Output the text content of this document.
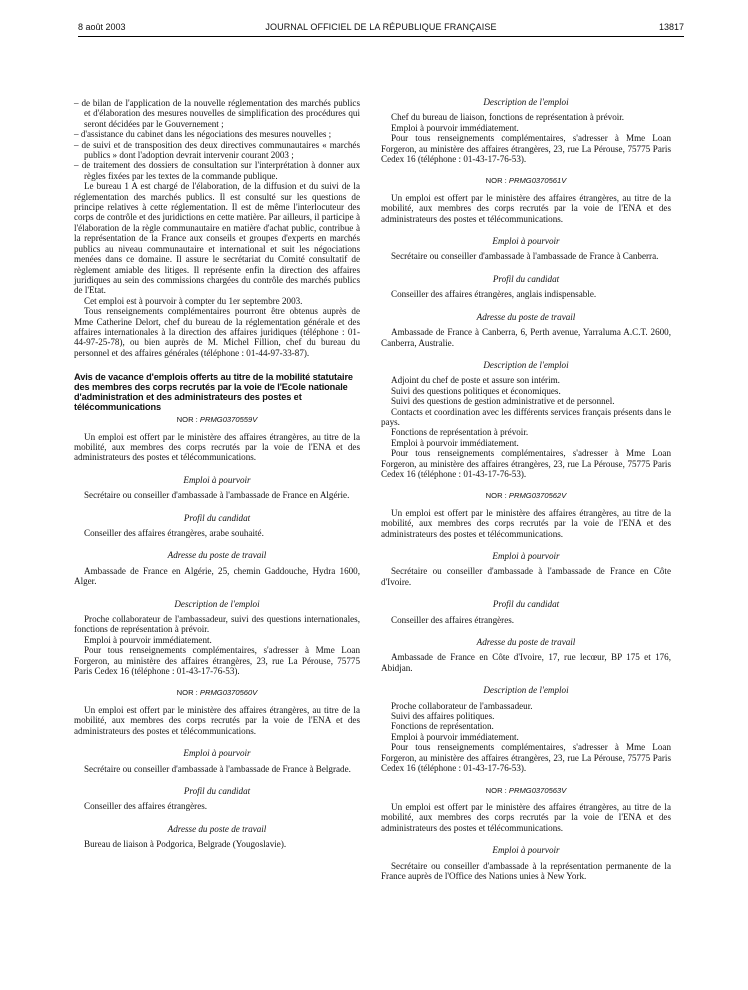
8 août 2003	JOURNAL OFFICIEL DE LA RÉPUBLIQUE FRANÇAISE	13817

– de bilan de l'application de la nouvelle réglementation des marchés publics et d'élaboration des mesures nouvelles de simplification des procédures qui seront décidées par le Gouvernement ;

– d'assistance du cabinet dans les négociations des mesures nouvelles ;

– de suivi et de transposition des deux directives communautaires « marchés publics » dont l'adoption devrait intervenir courant 2003 ;

– de traitement des dossiers de consultation sur l'interprétation à donner aux règles fixées par les textes de la commande publique.

Le bureau 1 A est chargé de l'élaboration, de la diffusion et du suivi de la réglementation des marchés publics. Il est consulté sur les questions de principe relatives à cette réglementation. Il est de même l'interlocuteur des corps de contrôle et des juridictions en cette matière. Par ailleurs, il participe à l'élaboration de la règle communautaire en matière d'achat public, contribue à la représentation de la France aux conseils et groupes d'experts en marchés publics au niveau communautaire et international et suit les négociations menées dans ce domaine. Il assure le secrétariat du Comité consultatif de règlement amiable des litiges. Il représente enfin la direction des affaires juridiques au sein des commissions chargées du contrôle des marchés publics de l'Etat.

Cet emploi est à pourvoir à compter du 1er septembre 2003.

Tous renseignements complémentaires pourront être obtenus auprès de Mme Catherine Delort, chef du bureau de la réglementation générale et des affaires internationales à la direction des affaires juridiques (téléphone : 01-44-97-25-78), ou bien auprès de M. Michel Fillion, chef du bureau du personnel et des affaires générales (téléphone : 01-44-97-33-87).

Avis de vacance d'emplois offerts au titre de la mobilité statutaire des membres des corps recrutés par la voie de l'Ecole nationale d'administration et des administrateurs des postes et télécommunications

NOR : PRMG0370559V

Un emploi est offert par le ministère des affaires étrangères, au titre de la mobilité, aux membres des corps recrutés par la voie de l'ENA et des administrateurs des postes et télécommunications.

Emploi à pourvoir

Secrétaire ou conseiller d'ambassade à l'ambassade de France en Algérie.

Profil du candidat

Conseiller des affaires étrangères, arabe souhaité.

Adresse du poste de travail

Ambassade de France en Algérie, 25, chemin Gaddouche, Hydra 1600, Alger.

Description de l'emploi

Proche collaborateur de l'ambassadeur, suivi des questions internationales, fonctions de représentation à prévoir.

Emploi à pourvoir immédiatement.

Pour tous renseignements complémentaires, s'adresser à Mme Loan Forgeron, au ministère des affaires étrangères, 23, rue La Pérouse, 75775 Paris Cedex 16 (téléphone : 01-43-17-76-53).

NOR : PRMG0370560V

Un emploi est offert par le ministère des affaires étrangères, au titre de la mobilité, aux membres des corps recrutés par la voie de l'ENA et des administrateurs des postes et télécommunications.

Emploi à pourvoir

Secrétaire ou conseiller d'ambassade à l'ambassade de France à Belgrade.

Profil du candidat

Conseiller des affaires étrangères.

Adresse du poste de travail

Bureau de liaison à Podgorica, Belgrade (Yougoslavie).

Description de l'emploi

Chef du bureau de liaison, fonctions de représentation à prévoir.

Emploi à pourvoir immédiatement.

Pour tous renseignements complémentaires, s'adresser à Mme Loan Forgeron, au ministère des affaires étrangères, 23, rue La Pérouse, 75775 Paris Cedex 16 (téléphone : 01-43-17-76-53).

NOR : PRMG0370561V

Un emploi est offert par le ministère des affaires étrangères, au titre de la mobilité, aux membres des corps recrutés par la voie de l'ENA et des administrateurs des postes et télécommunications.

Emploi à pourvoir

Secrétaire ou conseiller d'ambassade à l'ambassade de France à Canberra.

Profil du candidat

Conseiller des affaires étrangères, anglais indispensable.

Adresse du poste de travail

Ambassade de France à Canberra, 6, Perth avenue, Yarraluma A.C.T. 2600, Canberra, Australie.

Description de l'emploi

Adjoint du chef de poste et assure son intérim.

Suivi des questions politiques et économiques.

Suivi des questions de gestion administrative et de personnel.

Contacts et coordination avec les différents services français présents dans le pays.

Fonctions de représentation à prévoir.

Emploi à pourvoir immédiatement.

Pour tous renseignements complémentaires, s'adresser à Mme Loan Forgeron, au ministère des affaires étrangères, 23, rue La Pérouse, 75775 Paris Cedex 16 (téléphone : 01-43-17-76-53).

NOR : PRMG0370562V

Un emploi est offert par le ministère des affaires étrangères, au titre de la mobilité, aux membres des corps recrutés par la voie de l'ENA et des administrateurs des postes et télécommunications.

Emploi à pourvoir

Secrétaire ou conseiller d'ambassade à l'ambassade de France en Côte d'Ivoire.

Profil du candidat

Conseiller des affaires étrangères.

Adresse du poste de travail

Ambassade de France en Côte d'Ivoire, 17, rue lecœur, BP 175 et 176, Abidjan.

Description de l'emploi

Proche collaborateur de l'ambassadeur.

Suivi des affaires politiques.

Fonctions de représentation.

Emploi à pourvoir immédiatement.

Pour tous renseignements complémentaires, s'adresser à Mme Loan Forgeron, au ministère des affaires étrangères, 23, rue La Pérouse, 75775 Paris Cedex 16 (téléphone : 01-43-17-76-53).

NOR : PRMG0370563V

Un emploi est offert par le ministère des affaires étrangères, au titre de la mobilité, aux membres des corps recrutés par la voie de l'ENA et des administrateurs des postes et télécommunications.

Emploi à pourvoir

Secrétaire ou conseiller d'ambassade à la représentation permanente de la France auprès de l'Office des Nations unies à New York.
